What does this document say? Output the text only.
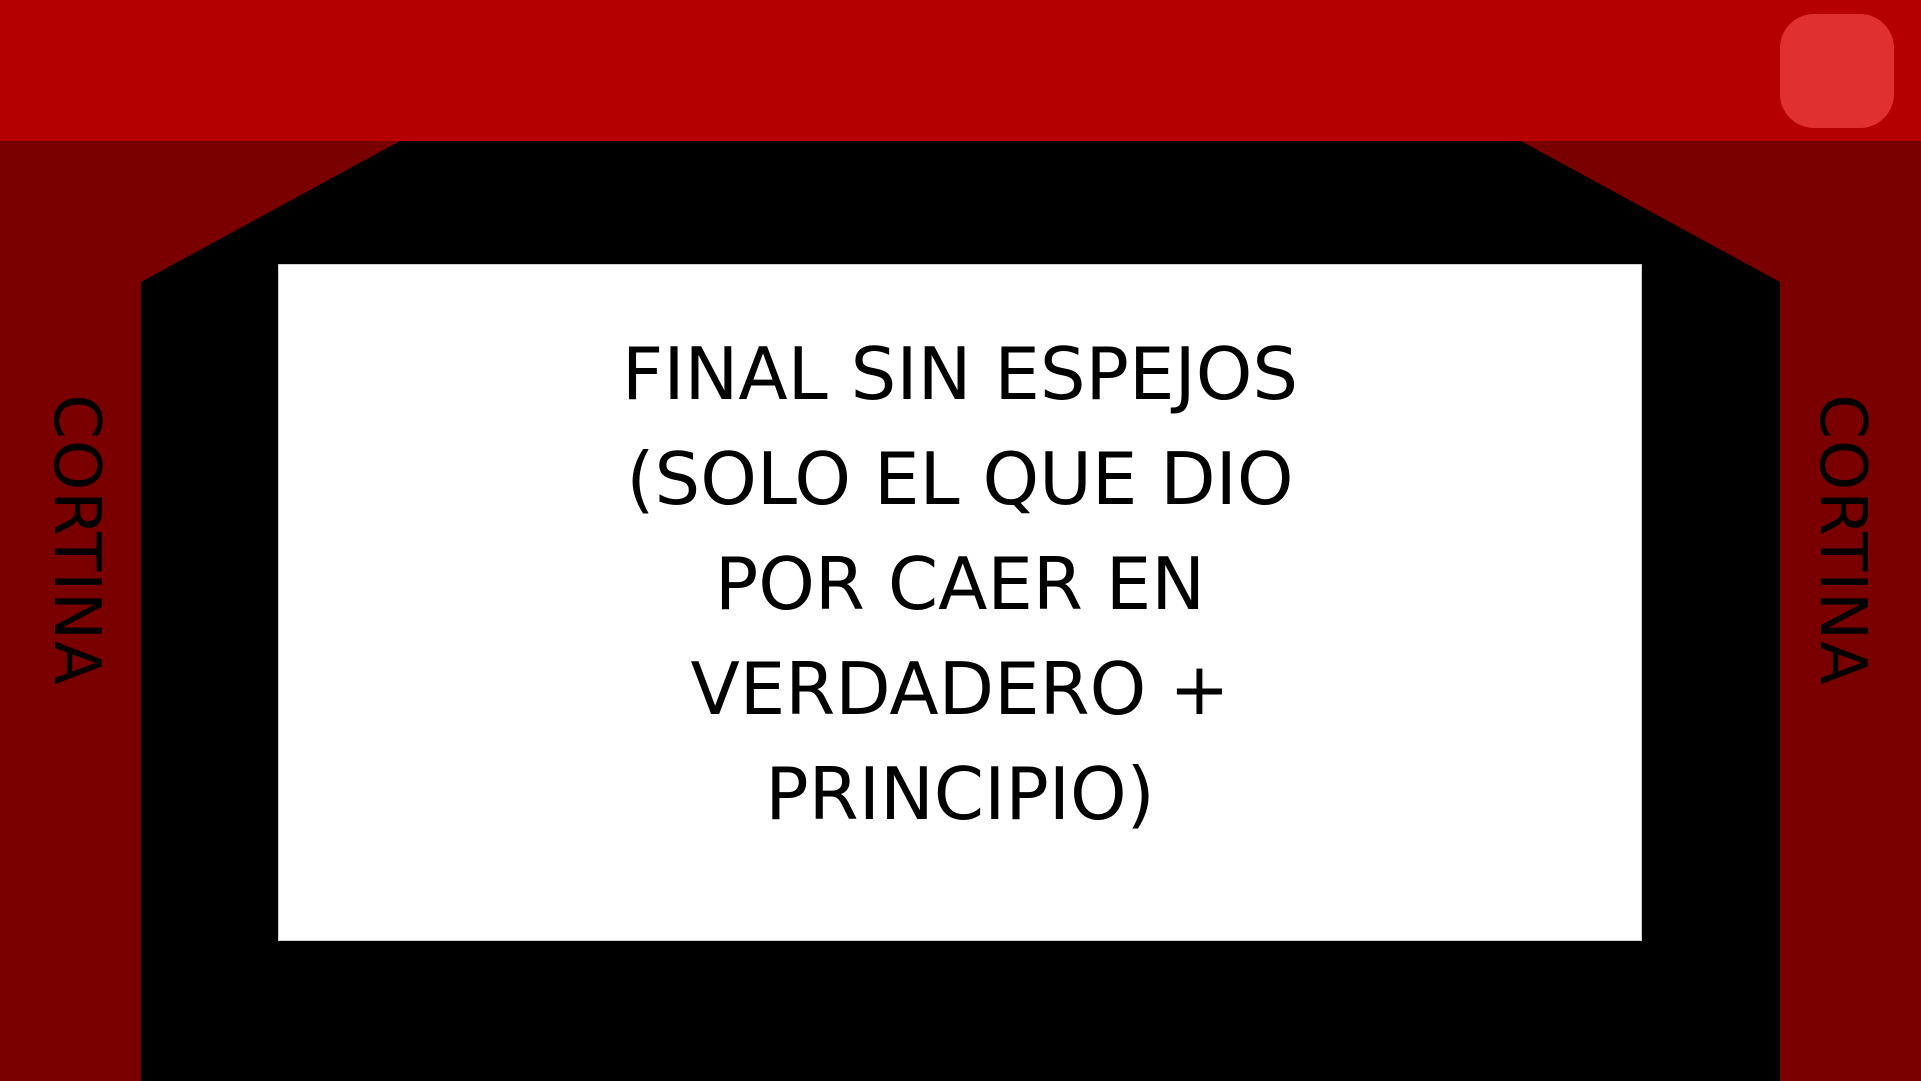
CORTINA	CORTINA
FINAL SIN ESPEJOS (SOLO EL QUE DIO POR CAER EN VERDADERO + PRINCIPIO)
